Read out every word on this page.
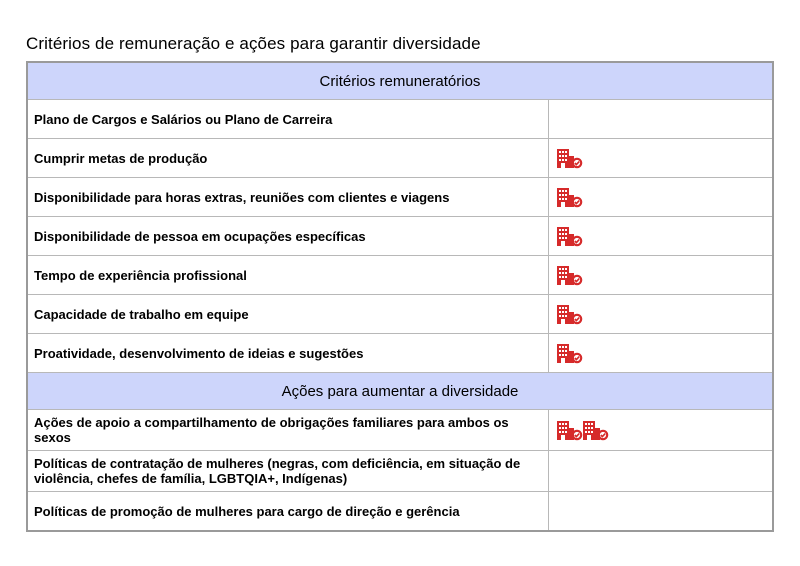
Critérios de remuneração e ações para garantir diversidade
Critérios remuneratórios	
Plano de Cargos e Salários ou Plano de Carreira	
Cumprir metas de produção	
Disponibilidade para horas extras, reuniões com clientes e viagens	
Disponibilidade de pessoa em ocupações específicas	
Tempo de experiência profissional	
Capacidade de trabalho em equipe	
Proatividade, desenvolvimento de ideias e sugestões	
Ações para aumentar a diversidade	
Ações de apoio a compartilhamento de obrigações familiares para ambos os sexos	
Políticas de contratação de mulheres (negras, com deficiência, em situação de violência, chefes de família, LGBTQIA+, Indígenas)	
Políticas de promoção de mulheres para cargo de direção e gerência	
